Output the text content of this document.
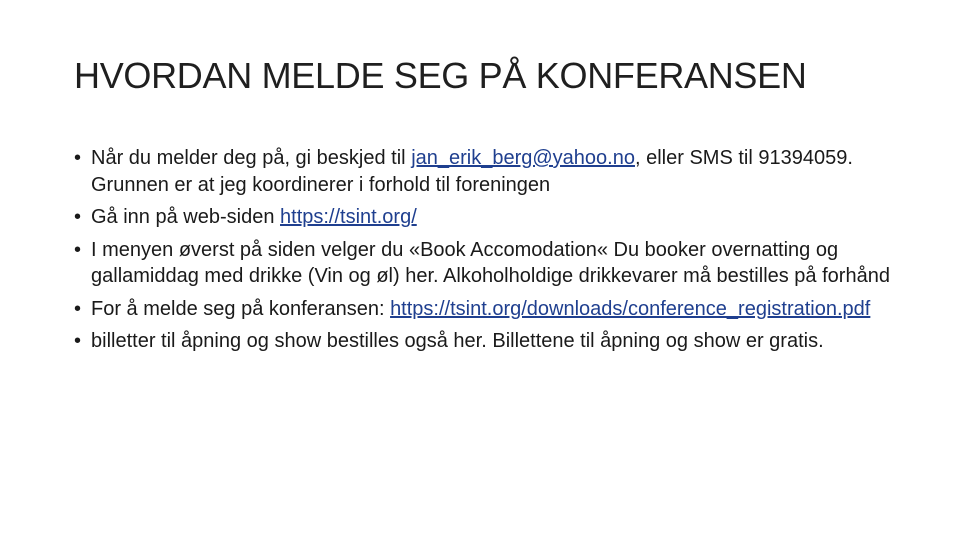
HVORDAN MELDE SEG PÅ KONFERANSEN
• Når du melder deg på, gi beskjed til jan_erik_berg@yahoo.no, eller SMS til 91394059. Grunnen er at jeg koordinerer i forhold til foreningen
• Gå inn på web-siden https://tsint.org/
• I menyen øverst på siden velger du «Book Accomodation« Du booker overnatting og gallamiddag med drikke (Vin og øl) her. Alkoholholdige drikkevarer må bestilles på forhånd
• For å melde seg på konferansen: https://tsint.org/downloads/conference_registration.pdf
• billetter til åpning og show bestilles også her. Billettene til åpning og show er gratis.
